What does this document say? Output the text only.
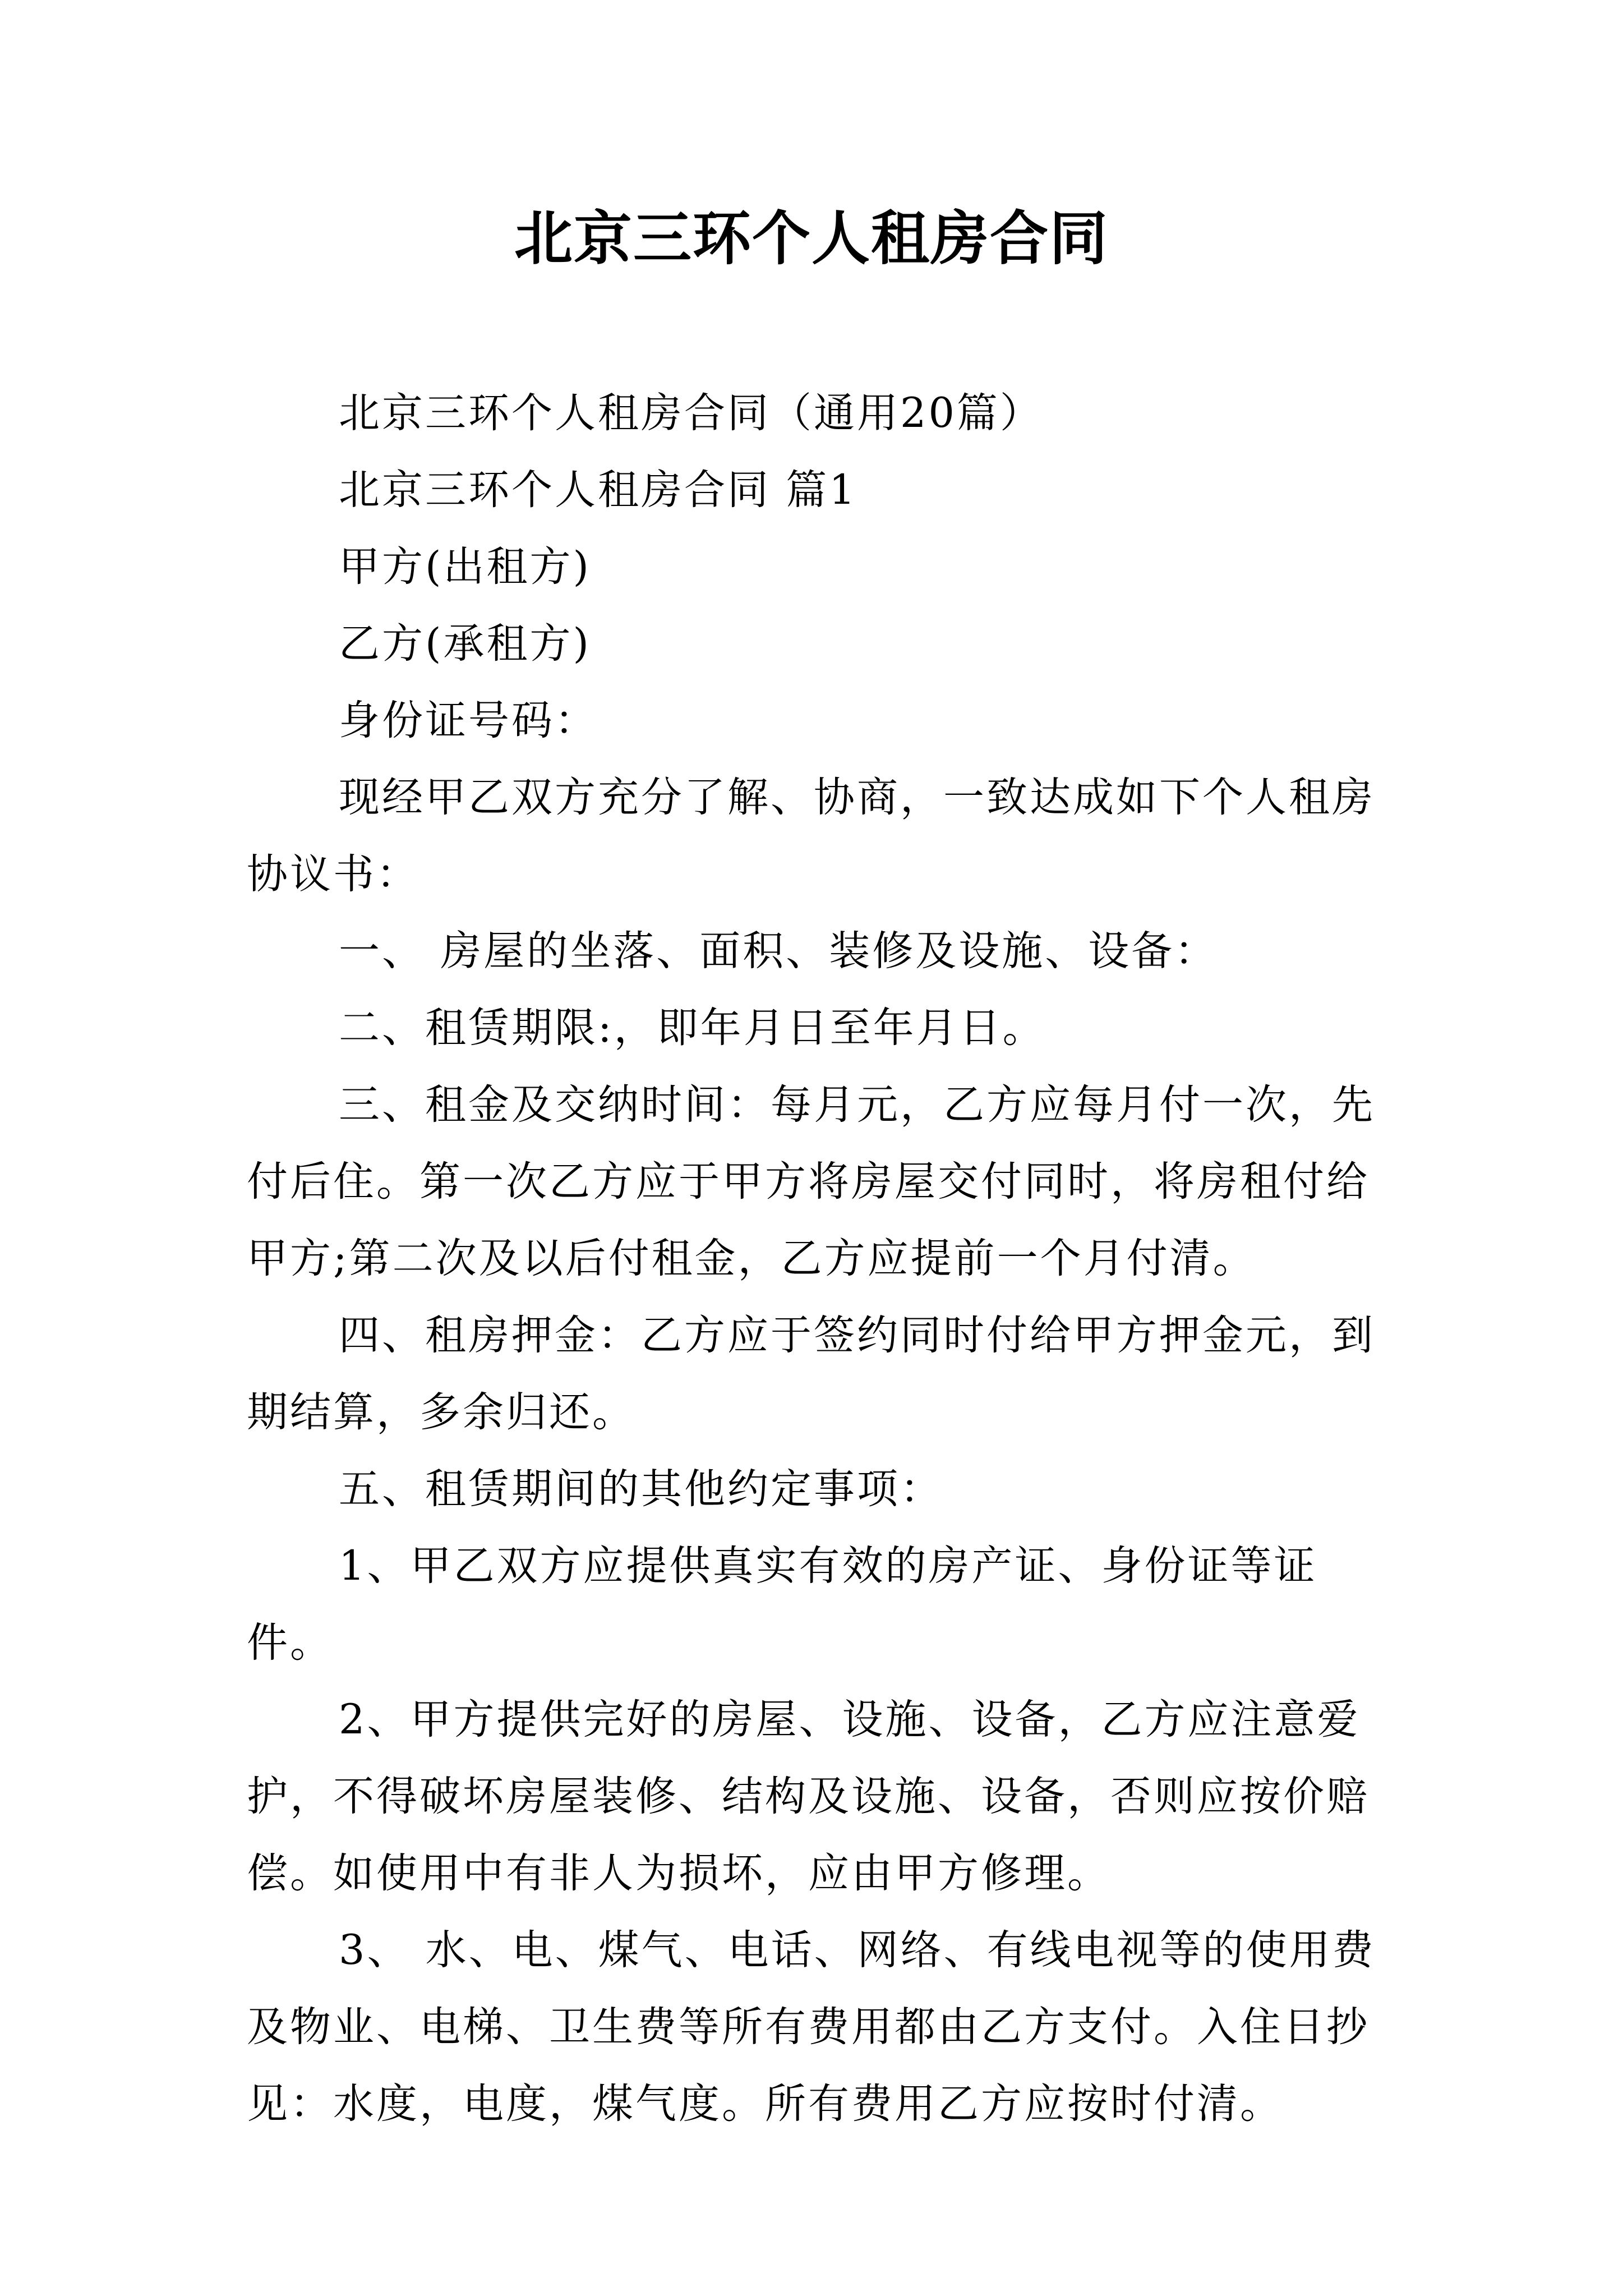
北京三环个人租房合同

北京三环个人租房合同（通用20篇）

北京三环个人租房合同 篇1

甲方(出租方)

乙方(承租方)

身份证号码：

现经甲乙双方充分了解、协商，一致达成如下个人租房协议书：

一、 房屋的坐落、面积、装修及设施、设备：

二、租赁期限:，即年月日至年月日。

三、租金及交纳时间：每月元，乙方应每月付一次，先付后住。第一次乙方应于甲方将房屋交付同时，将房租付给甲方;第二次及以后付租金，乙方应提前一个月付清。

四、租房押金：乙方应于签约同时付给甲方押金元，到期结算，多余归还。

五、租赁期间的其他约定事项：

1、甲乙双方应提供真实有效的房产证、身份证等证件。

2、甲方提供完好的房屋、设施、设备，乙方应注意爱护，不得破坏房屋装修、结构及设施、设备，否则应按价赔偿。如使用中有非人为损坏，应由甲方修理。

3、 水、电、煤气、电话、网络、有线电视等的使用费及物业、电梯、卫生费等所有费用都由乙方支付。入住日抄见：水度，电度，煤气度。所有费用乙方应按时付清。
